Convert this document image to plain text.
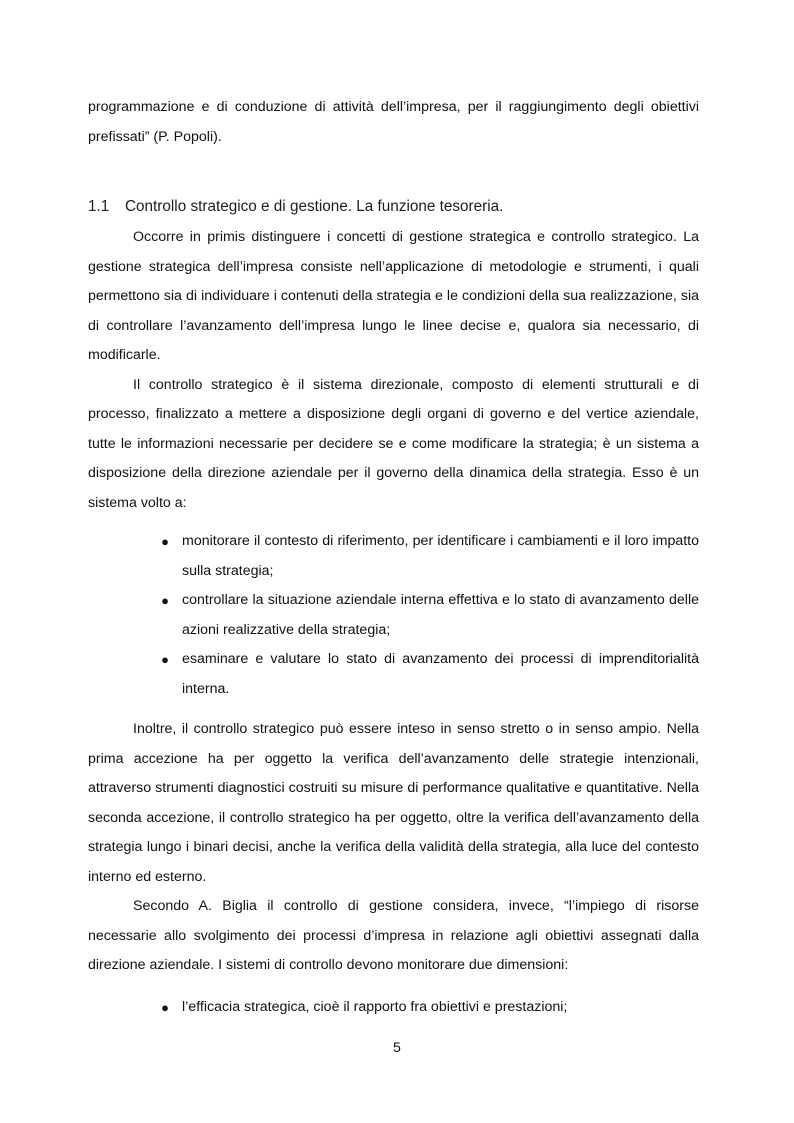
programmazione e di conduzione di attività dell’impresa, per il raggiungimento degli obiettivi prefissati” (P. Popoli).

1.1 Controllo strategico e di gestione. La funzione tesoreria.

Occorre in primis distinguere i concetti di gestione strategica e controllo strategico. La gestione strategica dell’impresa consiste nell’applicazione di metodologie e strumenti, i quali permettono sia di individuare i contenuti della strategia e le condizioni della sua realizzazione, sia di controllare l’avanzamento dell’impresa lungo le linee decise e, qualora sia necessario, di modificarle.

Il controllo strategico è il sistema direzionale, composto di elementi strutturali e di processo, finalizzato a mettere a disposizione degli organi di governo e del vertice aziendale, tutte le informazioni necessarie per decidere se e come modificare la strategia; è un sistema a disposizione della direzione aziendale per il governo della dinamica della strategia. Esso è un sistema volto a:

● monitorare il contesto di riferimento, per identificare i cambiamenti e il loro impatto sulla strategia;
● controllare la situazione aziendale interna effettiva e lo stato di avanzamento delle azioni realizzative della strategia;
● esaminare e valutare lo stato di avanzamento dei processi di imprenditorialità interna.

Inoltre, il controllo strategico può essere inteso in senso stretto o in senso ampio. Nella prima accezione ha per oggetto la verifica dell’avanzamento delle strategie intenzionali, attraverso strumenti diagnostici costruiti su misure di performance qualitative e quantitative. Nella seconda accezione, il controllo strategico ha per oggetto, oltre la verifica dell’avanzamento della strategia lungo i binari decisi, anche la verifica della validità della strategia, alla luce del contesto interno ed esterno.

Secondo A. Biglia il controllo di gestione considera, invece, “l’impiego di risorse necessarie allo svolgimento dei processi d’impresa in relazione agli obiettivi assegnati dalla direzione aziendale. I sistemi di controllo devono monitorare due dimensioni:

● l’efficacia strategica, cioè il rapporto fra obiettivi e prestazioni;
5
